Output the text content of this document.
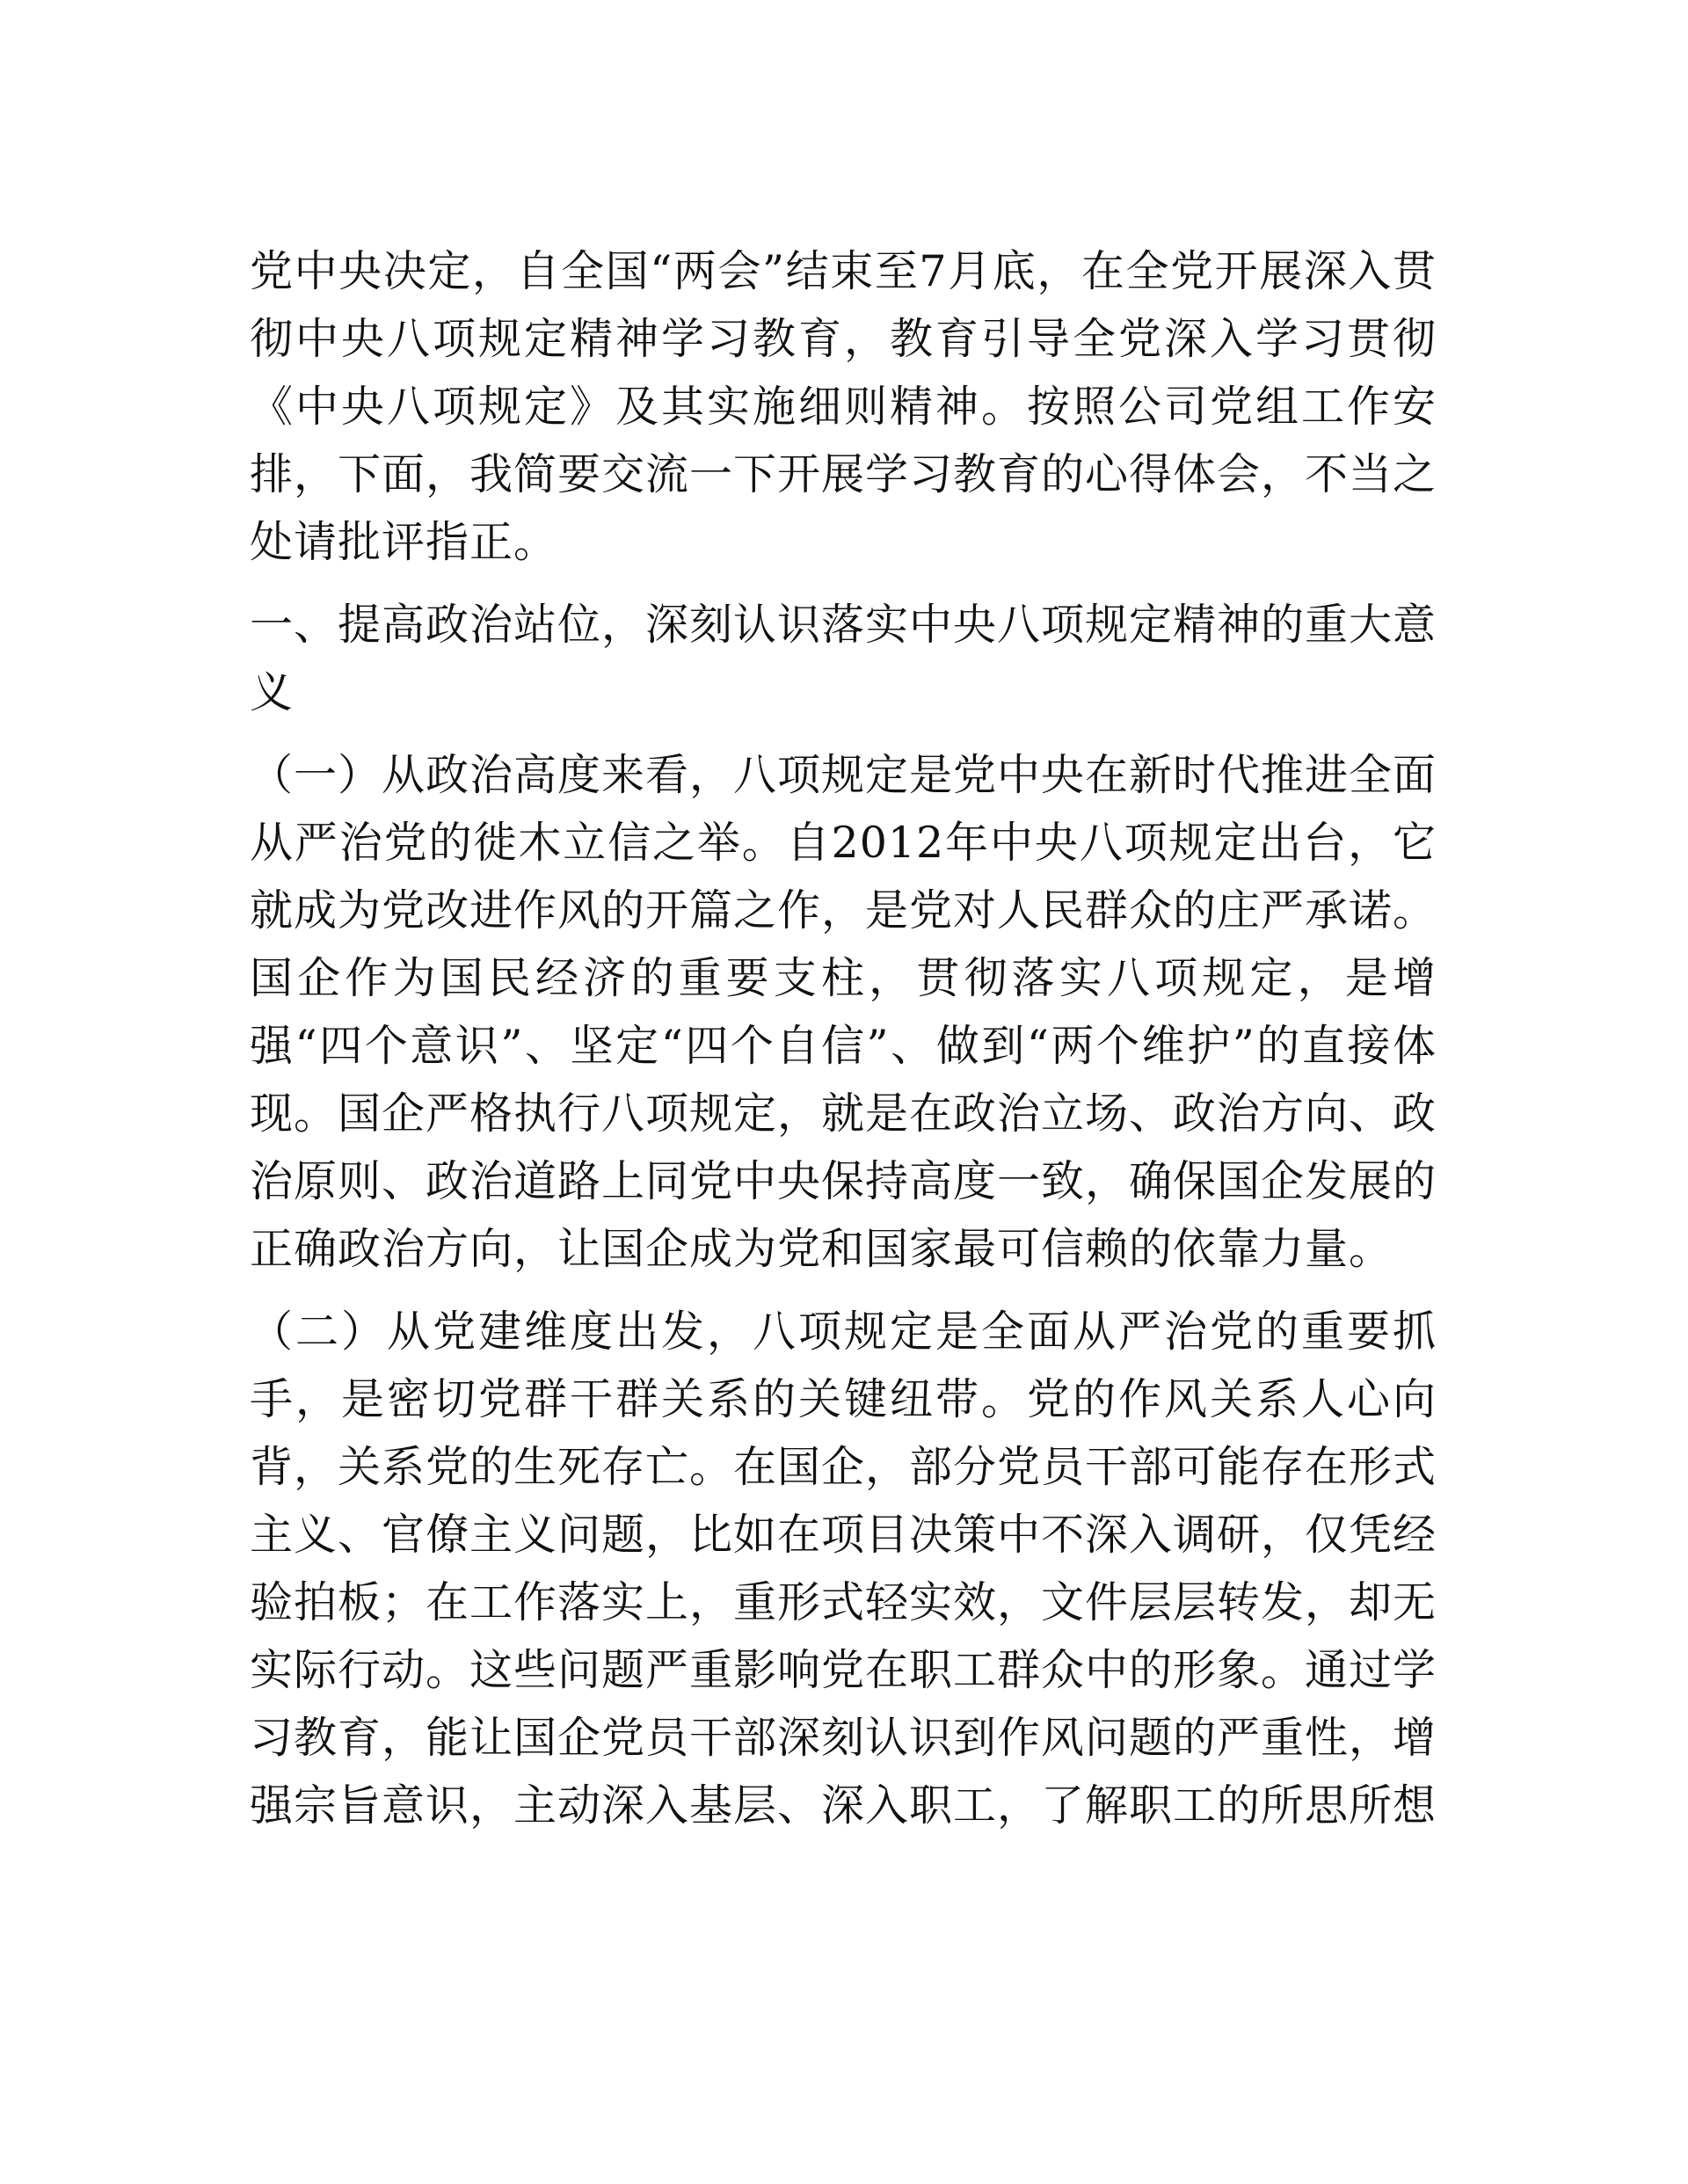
党中央决定，自全国“两会”结束至7月底，在全党开展深入贯彻中央八项规定精神学习教育，教育引导全党深入学习贯彻《中央八项规定》及其实施细则精神。按照公司党组工作安排，下面，我简要交流一下开展学习教育的心得体会，不当之处请批评指正。

一、提高政治站位，深刻认识落实中央八项规定精神的重大意义

（一）从政治高度来看，八项规定是党中央在新时代推进全面从严治党的徙木立信之举。自2012年中央八项规定出台，它就成为党改进作风的开篇之作，是党对人民群众的庄严承诺。国企作为国民经济的重要支柱，贯彻落实八项规定，是增强“四个意识”、坚定“四个自信”、做到“两个维护”的直接体现。国企严格执行八项规定，就是在政治立场、政治方向、政治原则、政治道路上同党中央保持高度一致，确保国企发展的正确政治方向，让国企成为党和国家最可信赖的依靠力量。

（二）从党建维度出发，八项规定是全面从严治党的重要抓手，是密切党群干群关系的关键纽带。党的作风关系人心向背，关系党的生死存亡。在国企，部分党员干部可能存在形式主义、官僚主义问题，比如在项目决策中不深入调研，仅凭经验拍板；在工作落实上，重形式轻实效，文件层层转发，却无实际行动。这些问题严重影响党在职工群众中的形象。通过学习教育，能让国企党员干部深刻认识到作风问题的严重性，增强宗旨意识，主动深入基层、深入职工，了解职工的所思所想
